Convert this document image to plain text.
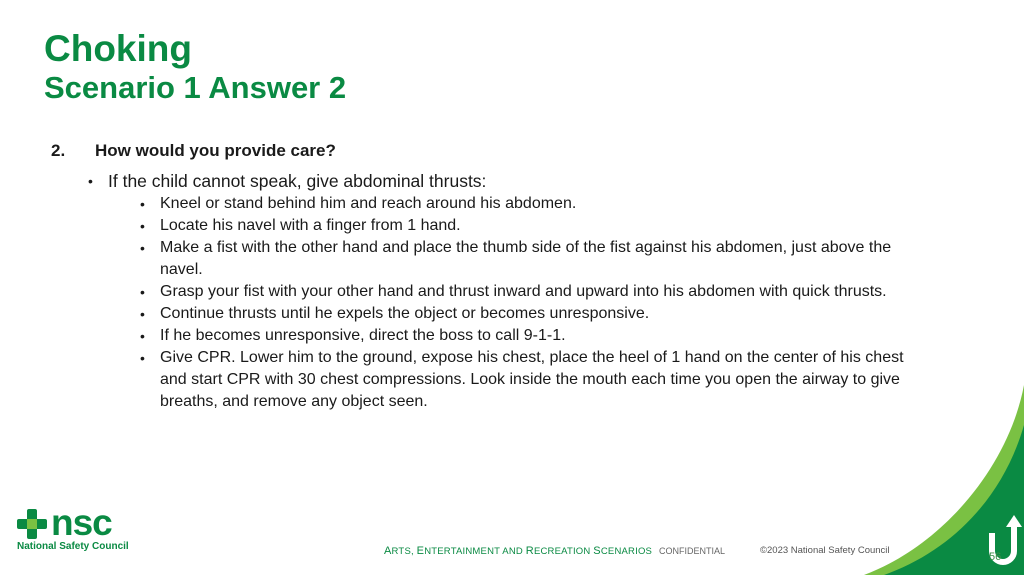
Choking
Scenario 1 Answer 2
2. How would you provide care?
• If the child cannot speak, give abdominal thrusts:
• Kneel or stand behind him and reach around his abdomen.
• Locate his navel with a finger from 1 hand.
• Make a fist with the other hand and place the thumb side of the fist against his abdomen, just above the navel.
• Grasp your fist with your other hand and thrust inward and upward into his abdomen with quick thrusts.
• Continue thrusts until he expels the object or becomes unresponsive.
• If he becomes unresponsive, direct the boss to call 9-1-1.
• Give CPR. Lower him to the ground, expose his chest, place the heel of 1 hand on the center of his chest and start CPR with 30 chest compressions. Look inside the mouth each time you open the airway to give breaths, and remove any object seen.
nsc
National Safety Council	ARTS, ENTERTAINMENT AND RECREATION SCENARIOS CONFIDENTIAL	©2023 National Safety Council
56
